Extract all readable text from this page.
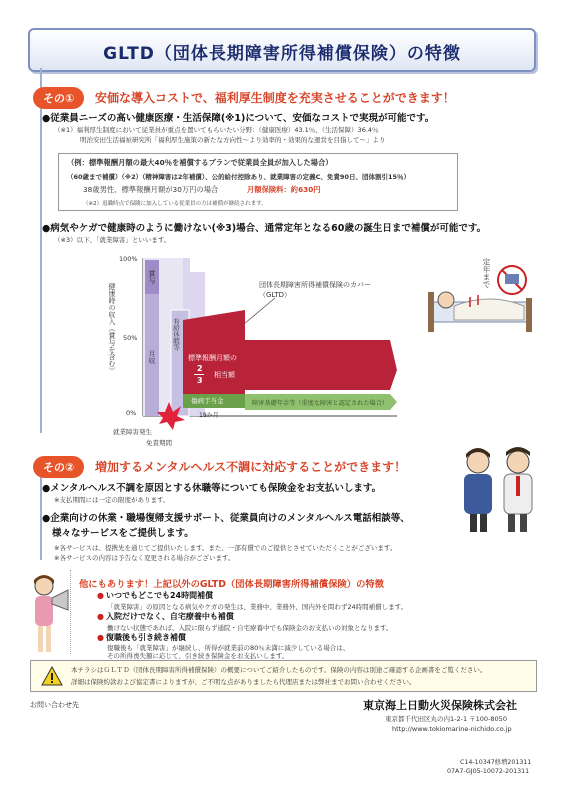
GLTD（団体長期障害所得補償保険）の特徴
その①	安価な導入コストで、福利厚生制度を充実させることができます！
●従業員ニーズの高い健康医療・生活保障(※1)について、安価なコストで実現が可能です。
（※1）福利厚生制度において従業員が重点を置いてもらいたい分野：（健康医療）43.1％、（生活保障）36.4％
明治安田生活福祉研究所「福利厚生施策の新たな方向性〜より効率的・効果的な運営を目指して〜」より
（例：標準報酬月額の最大40％を補償するプランで従業員全員が加入した場合）
（60歳まで補償）（※2）（精神障害は2年補償）、公的給付控除あり、就業障害の定義C、免責90日、団体割引15％）
38歳男性、標準報酬月額が30万円の場合	月額保険料：約630円
（※2）退職時点で保険に加入している従業員の方は補償が継続されます。
●病気やケガで健康時のように働けない(※3)場合、通常定年となる60歳の誕生日まで補償が可能です。
（※3）以下、「就業障害」といいます。
健康時の収入（賞与を含む）
100%
50%
0%
賞与
月収
有給休暇等
団体長期障害所得補償保険のカバー（GLTD）
標準報酬月額の
2
3
相当額
傷病手当金
18か月
障害基礎年金等（重度な障害と認定された場合）
就業障害発生
免責期間
定年まで
その②	増加するメンタルヘルス不調に対応することができます！
●メンタルヘルス不調を原因とする休職等についても保険金をお支払いします。
※支払期間には一定の限度があります。
●企業向けの休業・職場復帰支援サポート、従業員向けのメンタルヘルス電話相談等、
様々なサービスをご提供します。
※各サービスは、提携先を通じてご提供いたします。また、一部有償でのご提供とさせていただくことがございます。
※各サービスの内容は予告なく変更される場合がございます。
他にもあります！上記以外のGLTD（団体長期障害所得補償保険）の特徴
● いつでもどこでも24時間補償
「就業障害」の原因となる病気やケガの発生は、業務中、業務外、国内外を問わず24時間補償します。
● 入院だけでなく、自宅療養中も補償
働けない状態であれば、入院に限らず通院・自宅療養中でも保険金のお支払いの対象となります。
● 復職後も引き続き補償
復職後も「就業障害」が継続し、所得が就業前の80％未満に減少している場合は、
その所得喪失額に応じて、引き続き保険金をお支払いします。
本チラシはＧＬＴＤ（団体長期障害所得補償保険）の概要についてご紹介したものです。保険の内容は別途ご確認する企画書をご覧ください。
詳細は保険約款および協定書によりますが、ご不明な点がありましたら代理店または弊社までお問い合わせください。
お問い合わせ先	東京海上日動火災保険株式会社
東京都千代田区丸の内1-2-1 〒100-8050
http://www.tokiomarine-nichido.co.jp
C14-10347修増201311
07A7-GJ05-10072-201311
